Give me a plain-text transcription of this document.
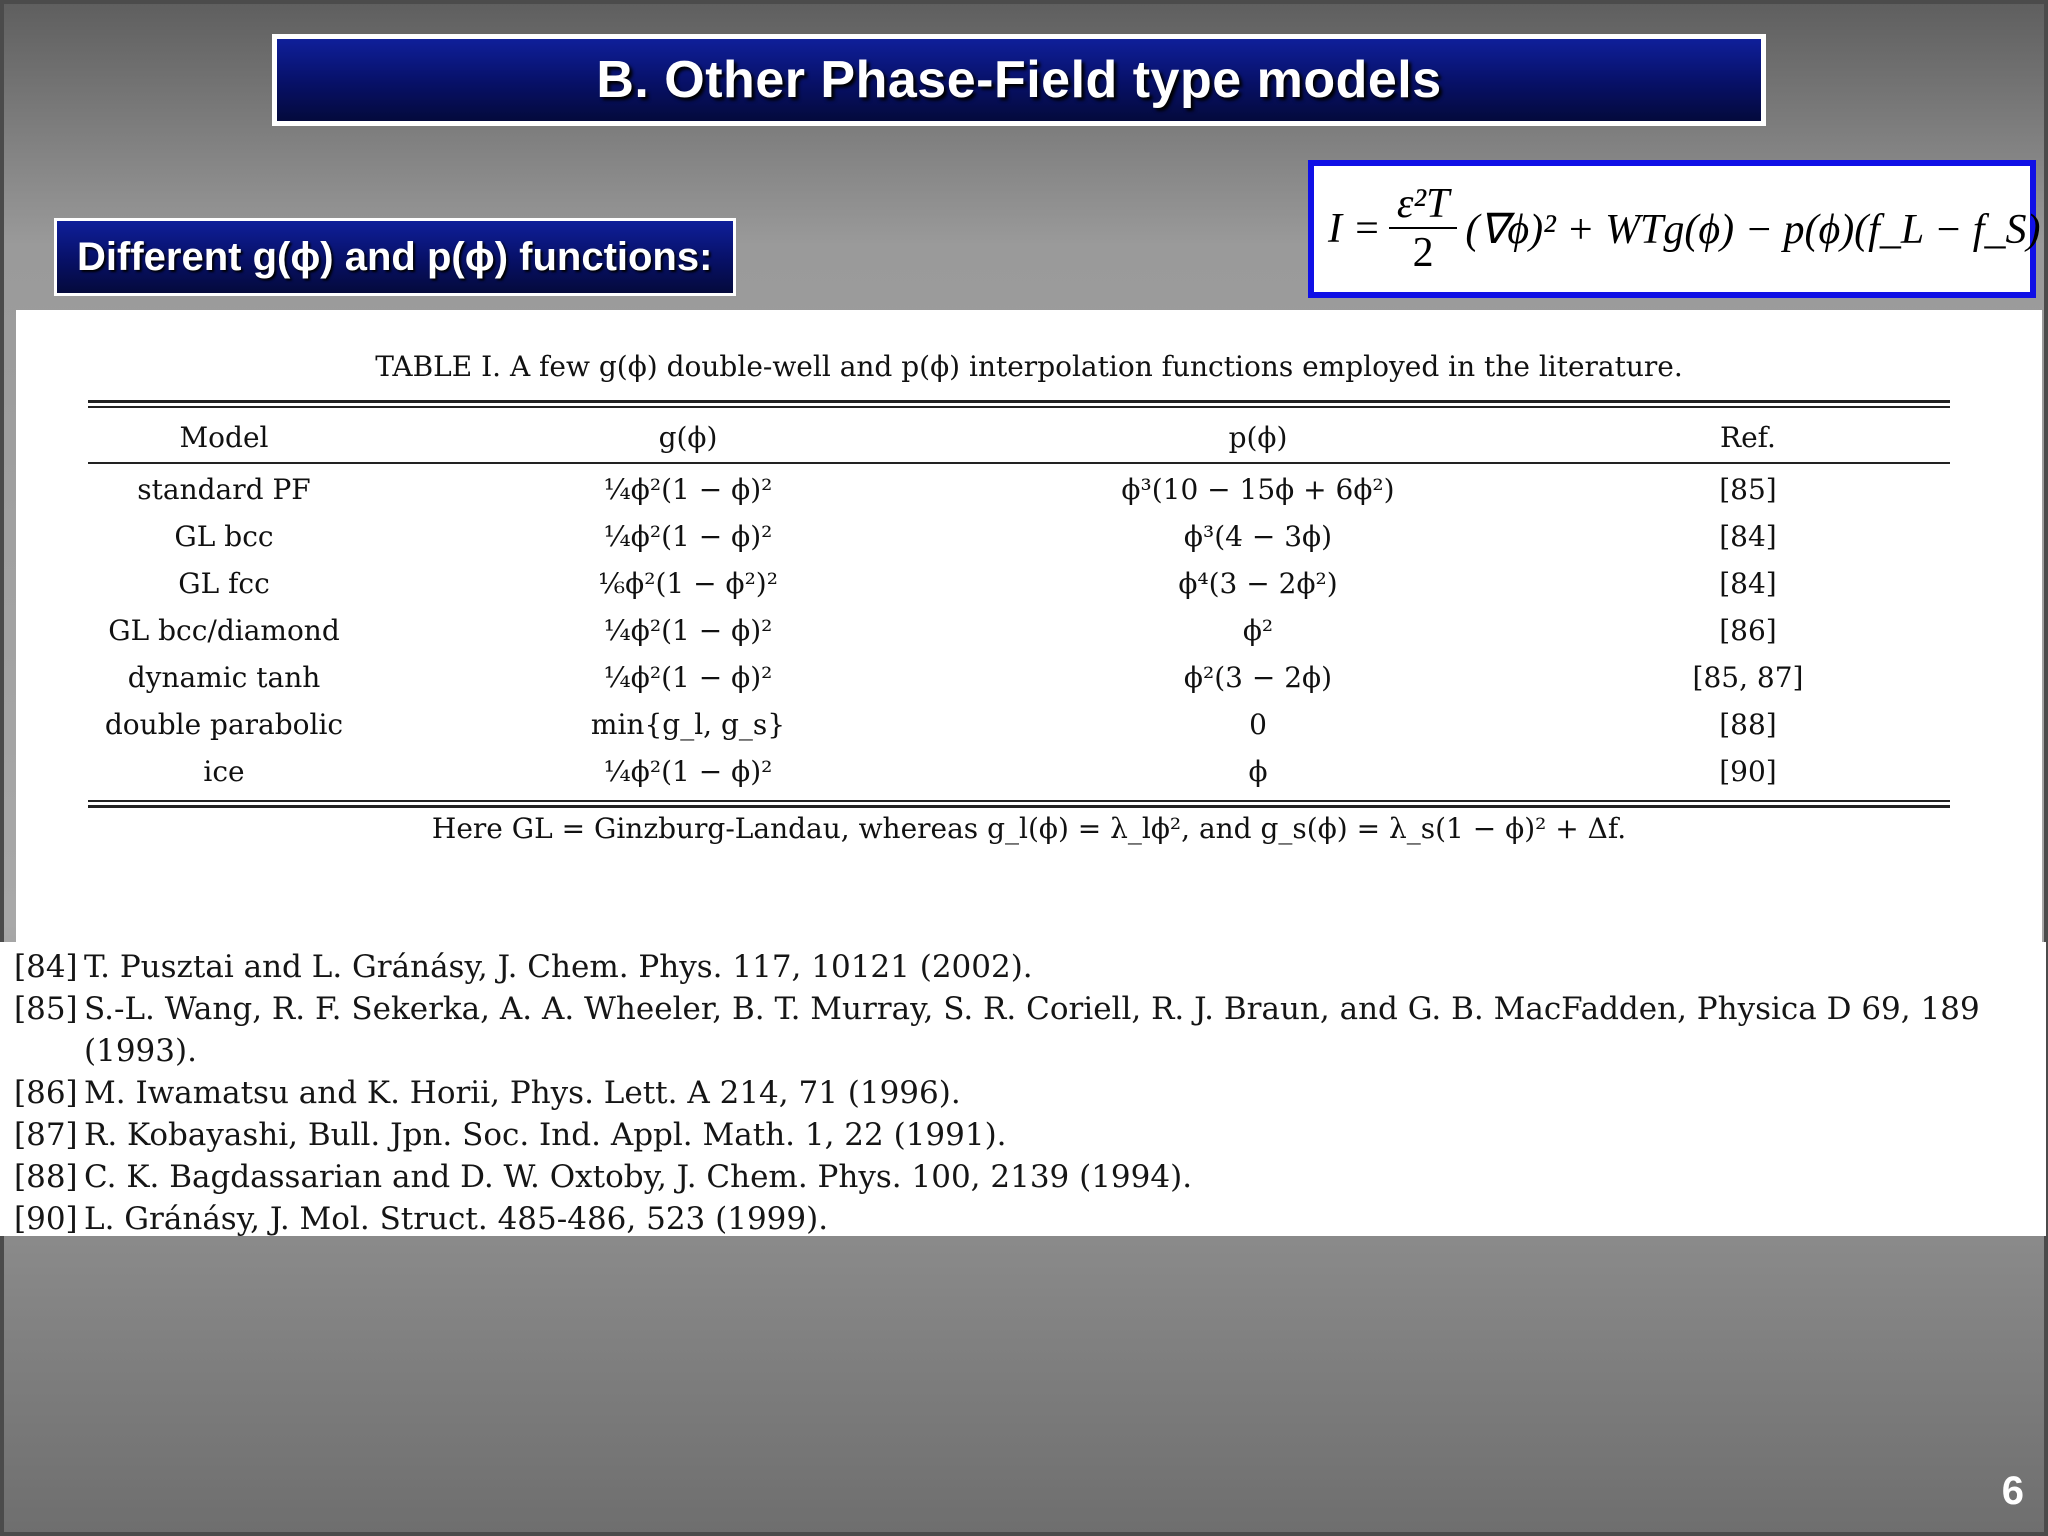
B. Other Phase-Field type models
Different g(ϕ) and p(ϕ) functions:
$I = \frac{\text{ε²T}}{2} (\nabla\phi)^2 + WTg(\phi)$ − p(ϕ)(f_L − f_S)
TABLE I. A few g(ϕ) double-well and p(ϕ) interpolation functions employed in the literature.
Model	g(ϕ)	p(ϕ)	Ref.
standard PF	¼ϕ²(1 − ϕ)²	ϕ³(10 − 15ϕ + 6ϕ²)	[85]
GL bcc	¼ϕ²(1 − ϕ)²	ϕ³(4 − 3ϕ)	[84]
GL fcc	⅙ϕ²(1 − ϕ²)²	ϕ⁴(3 − 2ϕ²)	[84]
GL bcc/diamond	¼ϕ²(1 − ϕ)²	ϕ²	[86]
dynamic tanh	¼ϕ²(1 − ϕ)²	ϕ²(3 − 2ϕ)	[85, 87]
double parabolic	min{g_l, g_s}	0	[88]
ice	¼ϕ²(1 − ϕ)²	ϕ	[90]
Here GL = Ginzburg-Landau, whereas g_l(ϕ) = λ_lϕ², and g_s(ϕ) = λ_s(1 − ϕ)² + Δf.
[84] T. Pusztai and L. Gránásy, J. Chem. Phys. 117, 10121 (2002).
[85] S.-L. Wang, R. F. Sekerka, A. A. Wheeler, B. T. Murray, S. R. Coriell, R. J. Braun, and G. B. MacFadden, Physica D 69, 189 (1993).
[86] M. Iwamatsu and K. Horii, Phys. Lett. A 214, 71 (1996).
[87] R. Kobayashi, Bull. Jpn. Soc. Ind. Appl. Math. 1, 22 (1991).
[88] C. K. Bagdassarian and D. W. Oxtoby, J. Chem. Phys. 100, 2139 (1994).
[90] L. Gránásy, J. Mol. Struct. 485-486, 523 (1999).
6
